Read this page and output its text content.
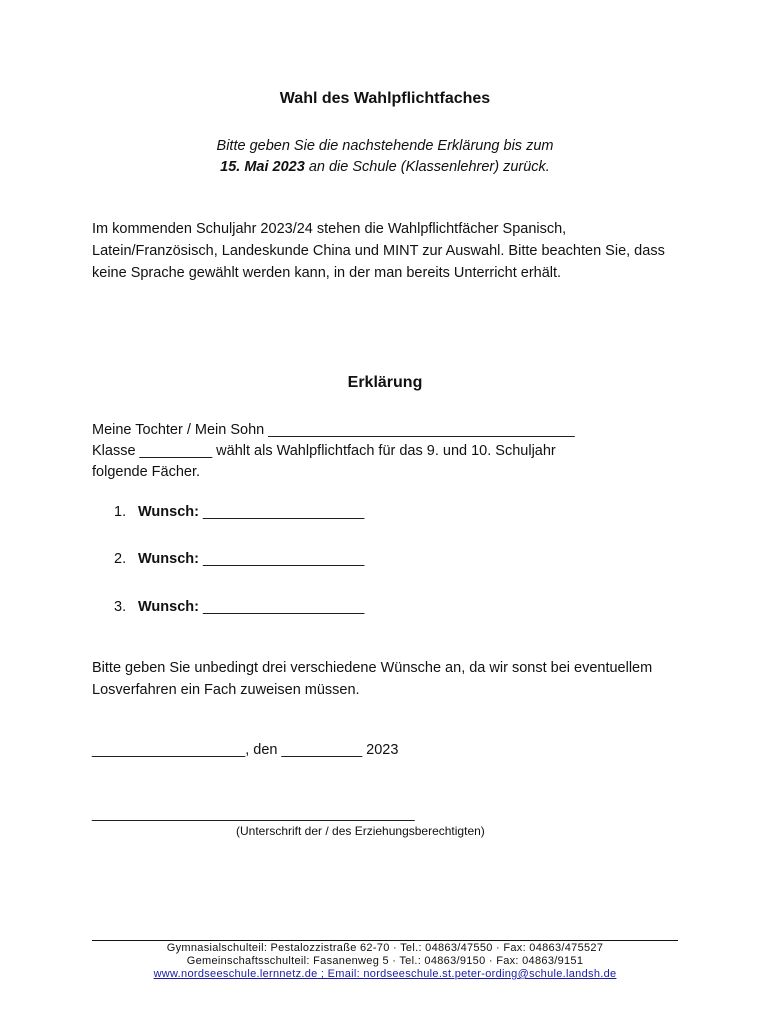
Wahl des Wahlpflichtfaches
Bitte geben Sie die nachstehende Erklärung bis zum
15. Mai 2023 an die Schule (Klassenlehrer) zurück.
Im kommenden Schuljahr 2023/24 stehen die Wahlpflichtfächer Spanisch, Latein/Französisch, Landeskunde China und MINT zur Auswahl. Bitte beachten Sie, dass keine Sprache gewählt werden kann, in der man bereits Unterricht erhält.
Erklärung
Meine Tochter / Mein Sohn ______________________________________
Klasse _________ wählt als Wahlpflichtfach für das 9. und 10. Schuljahr
folgende Fächer.
1. Wunsch: ____________________
2. Wunsch: ____________________
3. Wunsch: ____________________
Bitte geben Sie unbedingt drei verschiedene Wünsche an, da wir sonst bei eventuellem Losverfahren ein Fach zuweisen müssen.
___________________, den __________ 2023
________________________________________
(Unterschrift der / des Erziehungsberechtigten)
Gymnasialschulteil: Pestalozzistraße 62-70 · Tel.: 04863/47550 · Fax: 04863/475527
Gemeinschaftsschulteil: Fasanenweg 5 · Tel.: 04863/9150 · Fax: 04863/9151
www.nordseeschule.lernnetz.de ; Email: nordseeschule.st.peter-ording@schule.landsh.de
